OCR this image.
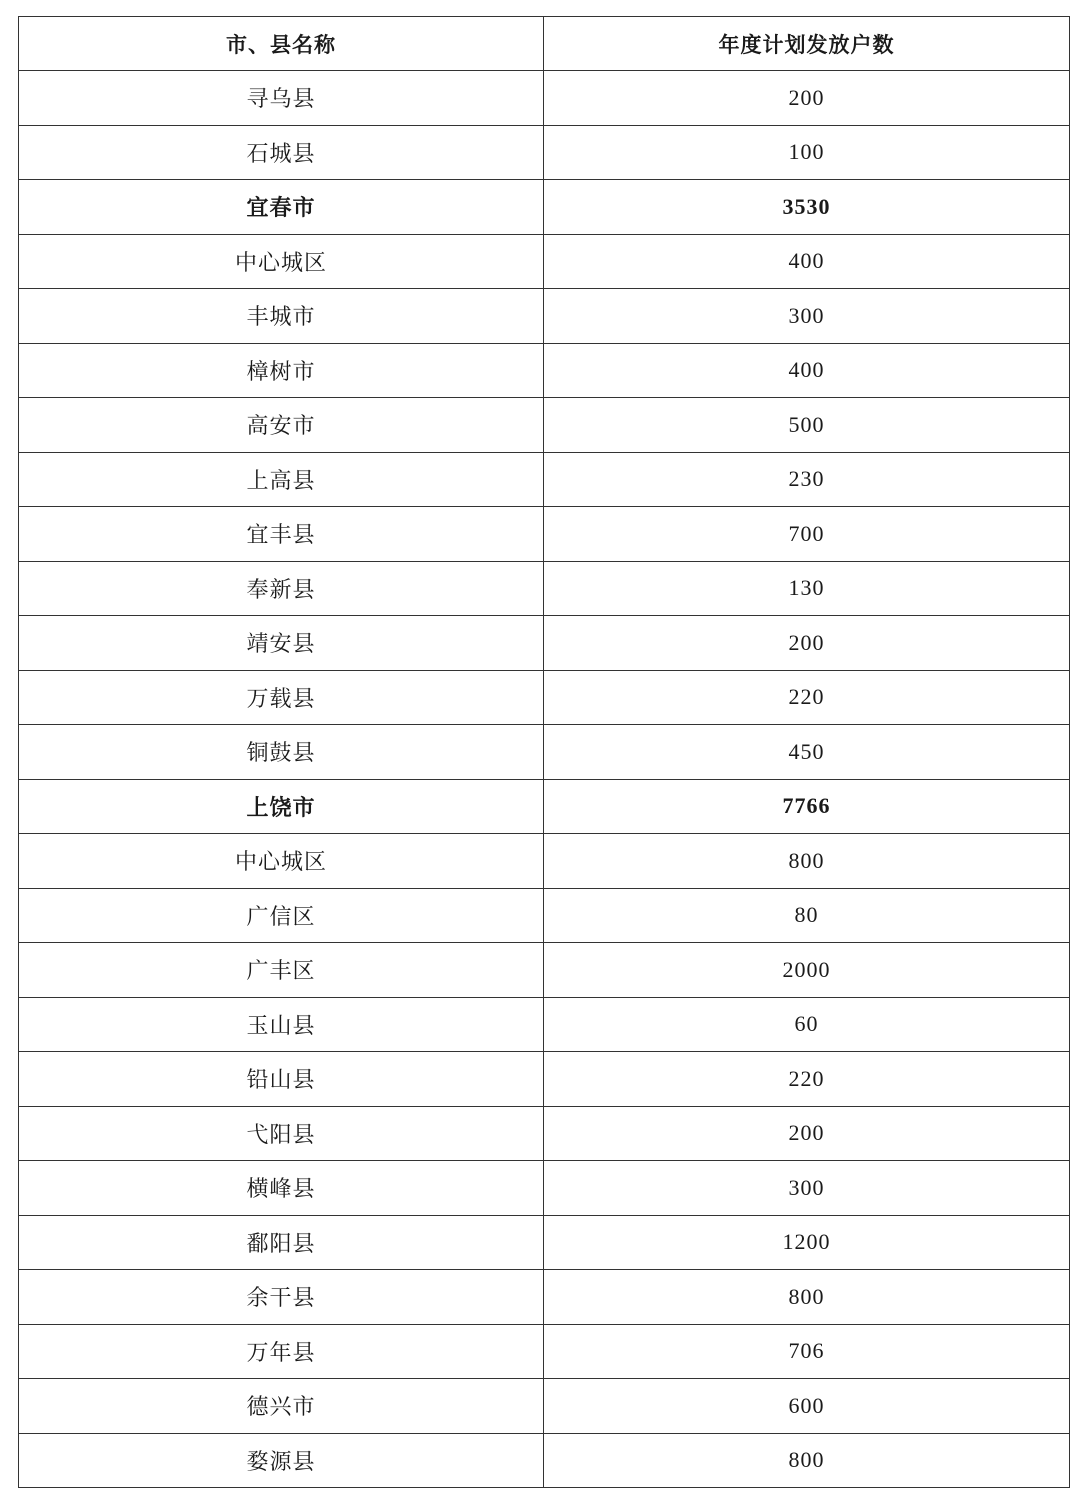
市、县名称	年度计划发放户数
寻乌县	200
石城县	100
宜春市	3530
中心城区	400
丰城市	300
樟树市	400
高安市	500
上高县	230
宜丰县	700
奉新县	130
靖安县	200
万载县	220
铜鼓县	450
上饶市	7766
中心城区	800
广信区	80
广丰区	2000
玉山县	60
铅山县	220
弋阳县	200
横峰县	300
鄱阳县	1200
余干县	800
万年县	706
德兴市	600
婺源县	800
